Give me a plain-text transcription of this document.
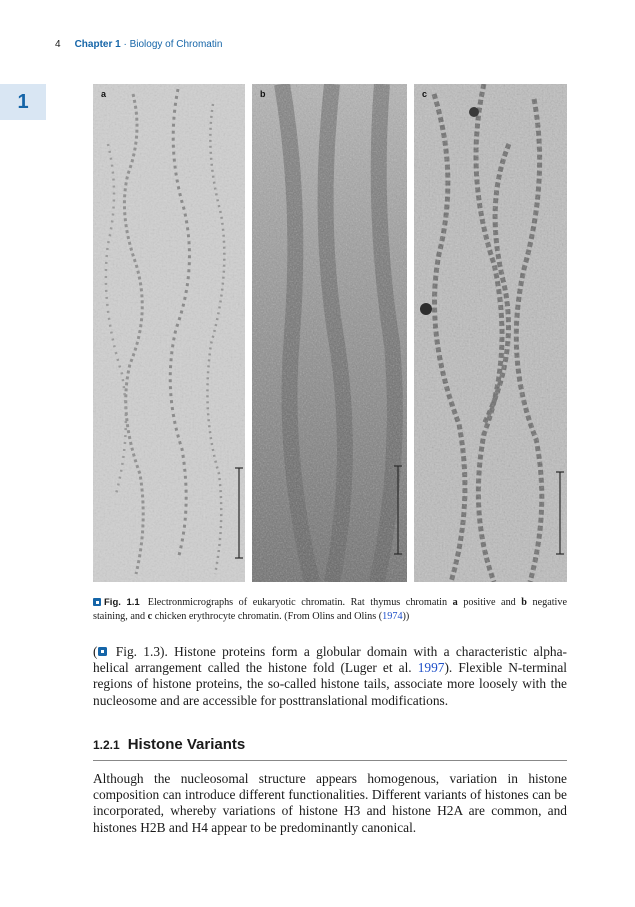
4 Chapter 1 · Biology of Chromatin
1	a	b	c
Fig. 1.1 Electronmicrographs of eukaryotic chromatin. Rat thymus chromatin a positive and b negative staining, and c chicken erythrocyte chromatin. (From Olins and Olins (1974))

( Fig. 1.3). Histone proteins form a globular domain with a characteristic alpha-helical arrangement called the histone fold (Luger et al. 1997). Flexible N-terminal regions of histone proteins, the so-called histone tails, associate more loosely with the nucleosome and are accessible for posttranslational modifications.

1.2.1 Histone Variants

Although the nucleosomal structure appears homogenous, variation in histone composition can introduce different functionalities. Different variants of histones can be incorporated, whereby variations of histone H3 and histone H2A are common, and histones H2B and H4 appear to be predominantly canonical.
